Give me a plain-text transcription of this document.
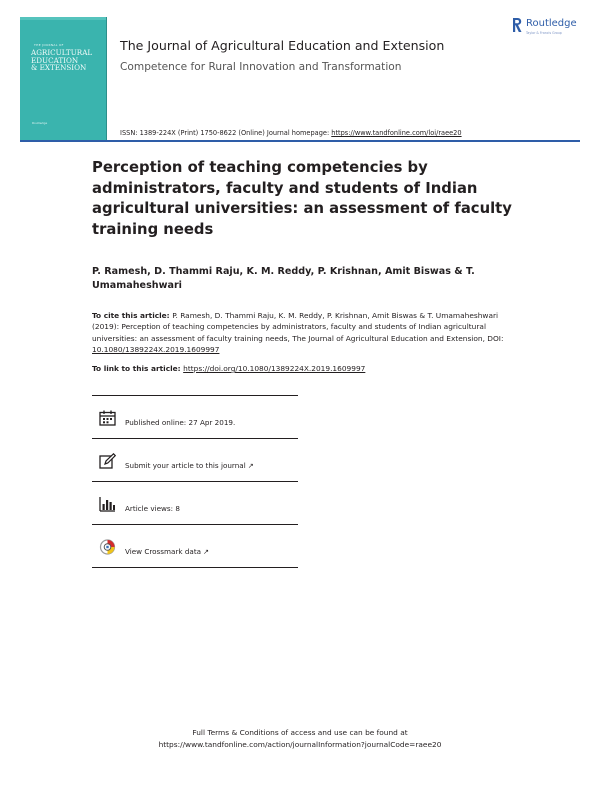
THE JOURNAL OF
AGRICULTURAL
EDUCATION
& EXTENSION
Routledge
The Journal of Agricultural Education and Extension
Competence for Rural Innovation and Transformation
Routledge
Taylor & Francis Group
ISSN: 1389-224X (Print) 1750-8622 (Online) Journal homepage: https://www.tandfonline.com/loi/raee20
Perception of teaching competencies by administrators, faculty and students of Indian agricultural universities: an assessment of faculty training needs

P. Ramesh, D. Thammi Raju, K. M. Reddy, P. Krishnan, Amit Biswas & T. Umamaheshwari

To cite this article: P. Ramesh, D. Thammi Raju, K. M. Reddy, P. Krishnan, Amit Biswas & T. Umamaheshwari (2019): Perception of teaching competencies by administrators, faculty and students of Indian agricultural universities: an assessment of faculty training needs, The Journal of Agricultural Education and Extension, DOI: 10.1080/1389224X.2019.1609997

To link to this article: https://doi.org/10.1080/1389224X.2019.1609997
Published online: 27 Apr 2019.
Submit your article to this journal ↗
Article views: 8
View Crossmark data ↗
Full Terms & Conditions of access and use can be found at
https://www.tandfonline.com/action/journalInformation?journalCode=raee20
